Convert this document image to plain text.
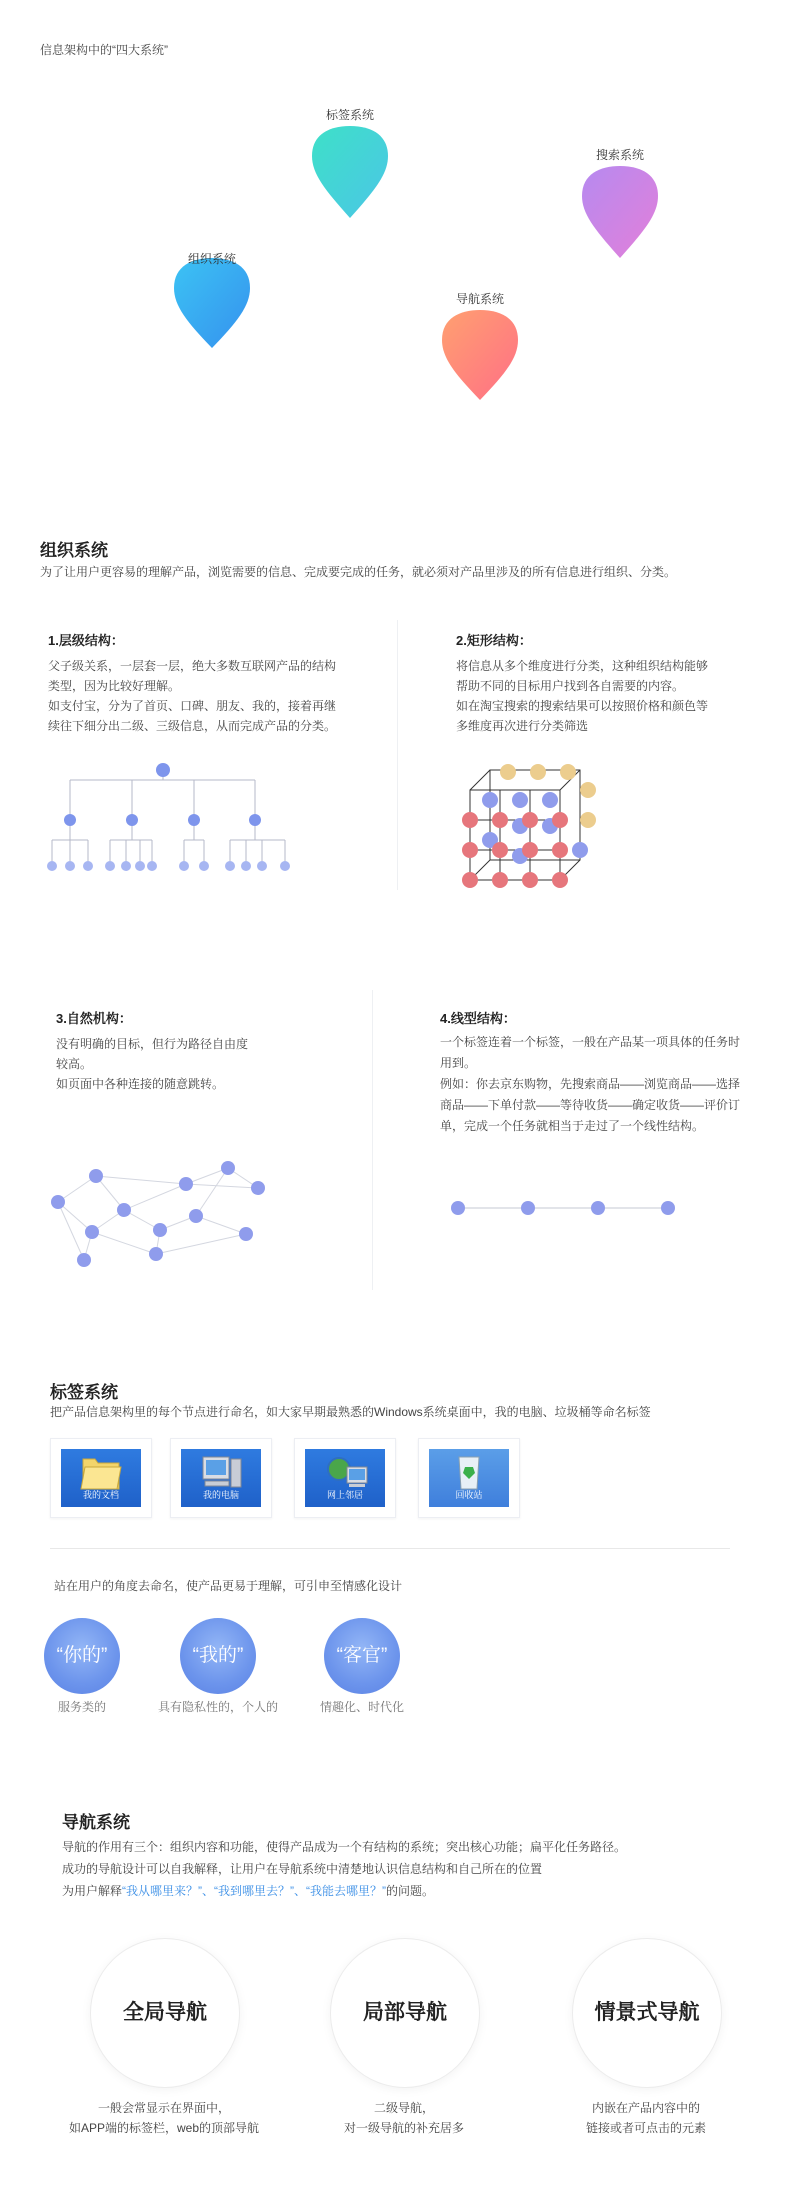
信息架构中的“四大系统”
标签系统
搜索系统
组织系统
导航系统
组织系统
为了让用户更容易的理解产品，浏览需要的信息、完成要完成的任务，就必须对产品里涉及的所有信息进行组织、分类。
1.层级结构：
父子级关系，一层套一层，绝大多数互联网产品的结构
类型，因为比较好理解。
如支付宝，分为了首页、口碑、朋友、我的，接着再继
续往下细分出二级、三级信息，从而完成产品的分类。
2.矩形结构：
将信息从多个维度进行分类，这种组织结构能够
帮助不同的目标用户找到各自需要的内容。
如在淘宝搜索的搜索结果可以按照价格和颜色等
多维度再次进行分类筛选
3.自然机构：
没有明确的目标，但行为路径自由度
较高。
如页面中各种连接的随意跳转。
4.线型结构：
一个标签连着一个标签，一般在产品某一项具体的任务时
用到。
例如：你去京东购物，先搜索商品——浏览商品——选择
商品——下单付款——等待收货——确定收货——评价订
单，完成一个任务就相当于走过了一个线性结构。
标签系统
把产品信息架构里的每个节点进行命名，如大家早期最熟悉的Windows系统桌面中，我的电脑、垃圾桶等命名标签
我的文档	我的电脑	网上邻居	回收站
站在用户的角度去命名，使产品更易于理解，可引申至情感化设计
“你的”	“我的”	“客官”
服务类的	具有隐私性的，个人的	情趣化、时代化
导航系统
导航的作用有三个：组织内容和功能，使得产品成为一个有结构的系统；突出核心功能；扁平化任务路径。
成功的导航设计可以自我解释，让用户在导航系统中清楚地认识信息结构和自己所在的位置
为用户解释“我从哪里来？”、“我到哪里去？”、“我能去哪里？”的问题。
全局导航	局部导航	情景式导航
一般会常显示在界面中，
如APP端的标签栏，web的顶部导航
二级导航，
对一级导航的补充居多
内嵌在产品内容中的
链接或者可点击的元素
